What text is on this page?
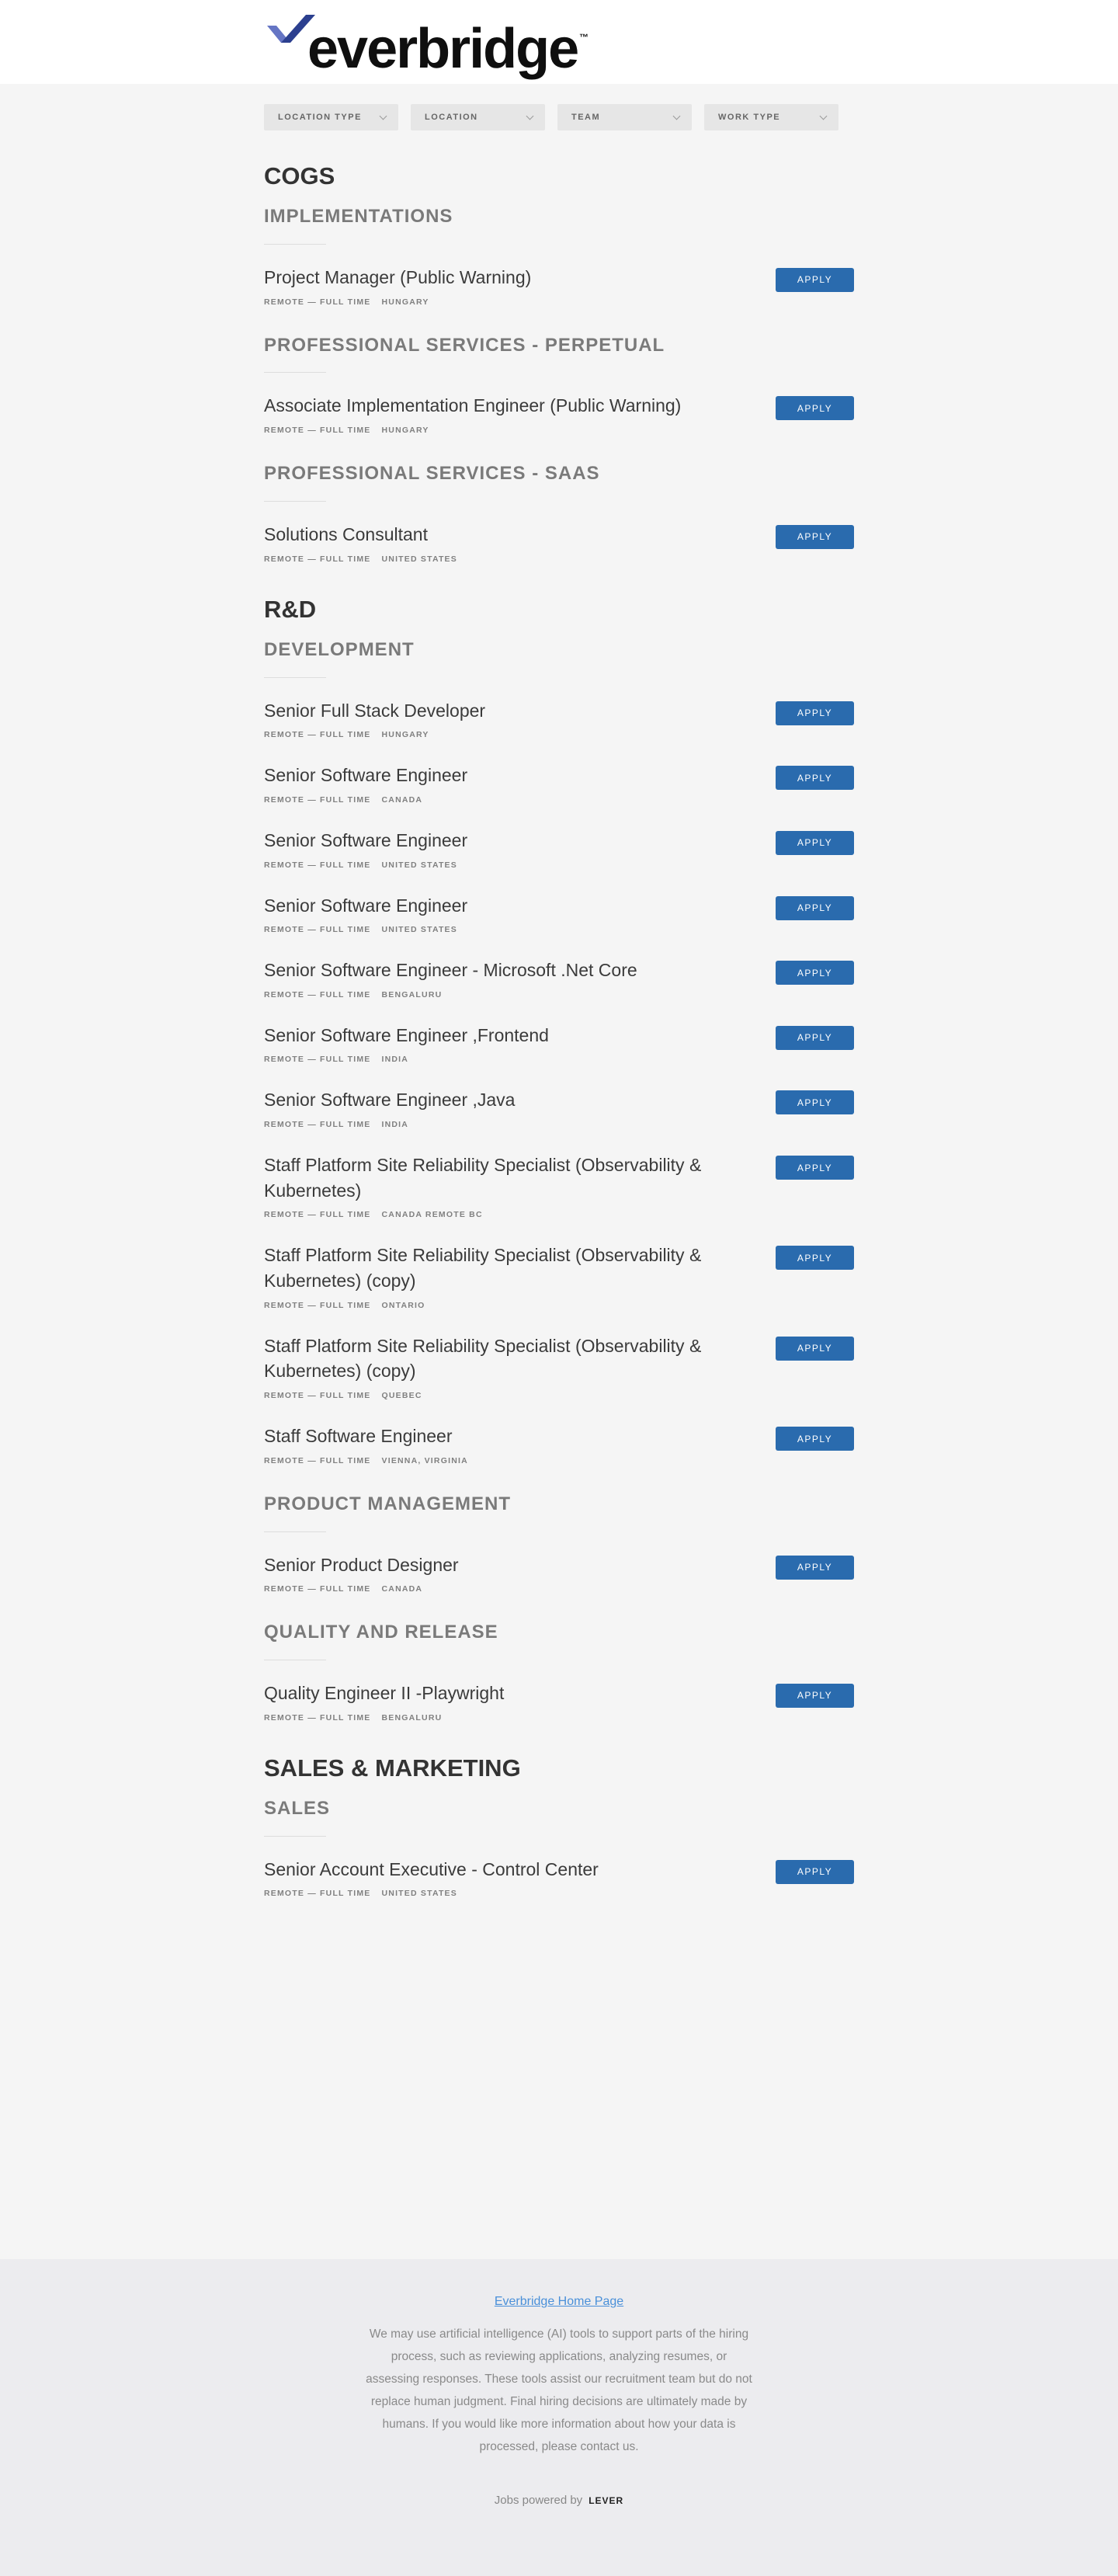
everbridge ™
LOCATION TYPE	LOCATION	TEAM	WORK TYPE
COGS
IMPLEMENTATIONS
Project Manager (Public Warning)
REMOTE — FULL TIME HUNGARY
APPLY
PROFESSIONAL SERVICES - PERPETUAL
Associate Implementation Engineer (Public Warning)
REMOTE — FULL TIME HUNGARY
APPLY
PROFESSIONAL SERVICES - SAAS
Solutions Consultant
REMOTE — FULL TIME UNITED STATES
APPLY
R&D
DEVELOPMENT
Senior Full Stack Developer
REMOTE — FULL TIME HUNGARY
APPLY
Senior Software Engineer
REMOTE — FULL TIME CANADA
APPLY
Senior Software Engineer
REMOTE — FULL TIME UNITED STATES
APPLY
Senior Software Engineer
REMOTE — FULL TIME UNITED STATES
APPLY
Senior Software Engineer - Microsoft .Net Core
REMOTE — FULL TIME BENGALURU
APPLY
Senior Software Engineer ,Frontend
REMOTE — FULL TIME INDIA
APPLY
Senior Software Engineer ,Java
REMOTE — FULL TIME INDIA
APPLY
Staff Platform Site Reliability Specialist (Observability & Kubernetes)
REMOTE — FULL TIME CANADA REMOTE BC
APPLY
Staff Platform Site Reliability Specialist (Observability & Kubernetes) (copy)
REMOTE — FULL TIME ONTARIO
APPLY
Staff Platform Site Reliability Specialist (Observability & Kubernetes) (copy)
REMOTE — FULL TIME QUEBEC
APPLY
Staff Software Engineer
REMOTE — FULL TIME VIENNA, VIRGINIA
APPLY
PRODUCT MANAGEMENT
Senior Product Designer
REMOTE — FULL TIME CANADA
APPLY
QUALITY AND RELEASE
Quality Engineer II -Playwright
REMOTE — FULL TIME BENGALURU
APPLY
SALES & MARKETING
SALES
Senior Account Executive - Control Center
REMOTE — FULL TIME UNITED STATES
APPLY
Everbridge Home Page

We may use artificial intelligence (AI) tools to support parts of the hiring process, such as reviewing applications, analyzing resumes, or assessing responses. These tools assist our recruitment team but do not replace human judgment. Final hiring decisions are ultimately made by humans. If you would like more information about how your data is processed, please contact us.

Jobs powered by LEVER
